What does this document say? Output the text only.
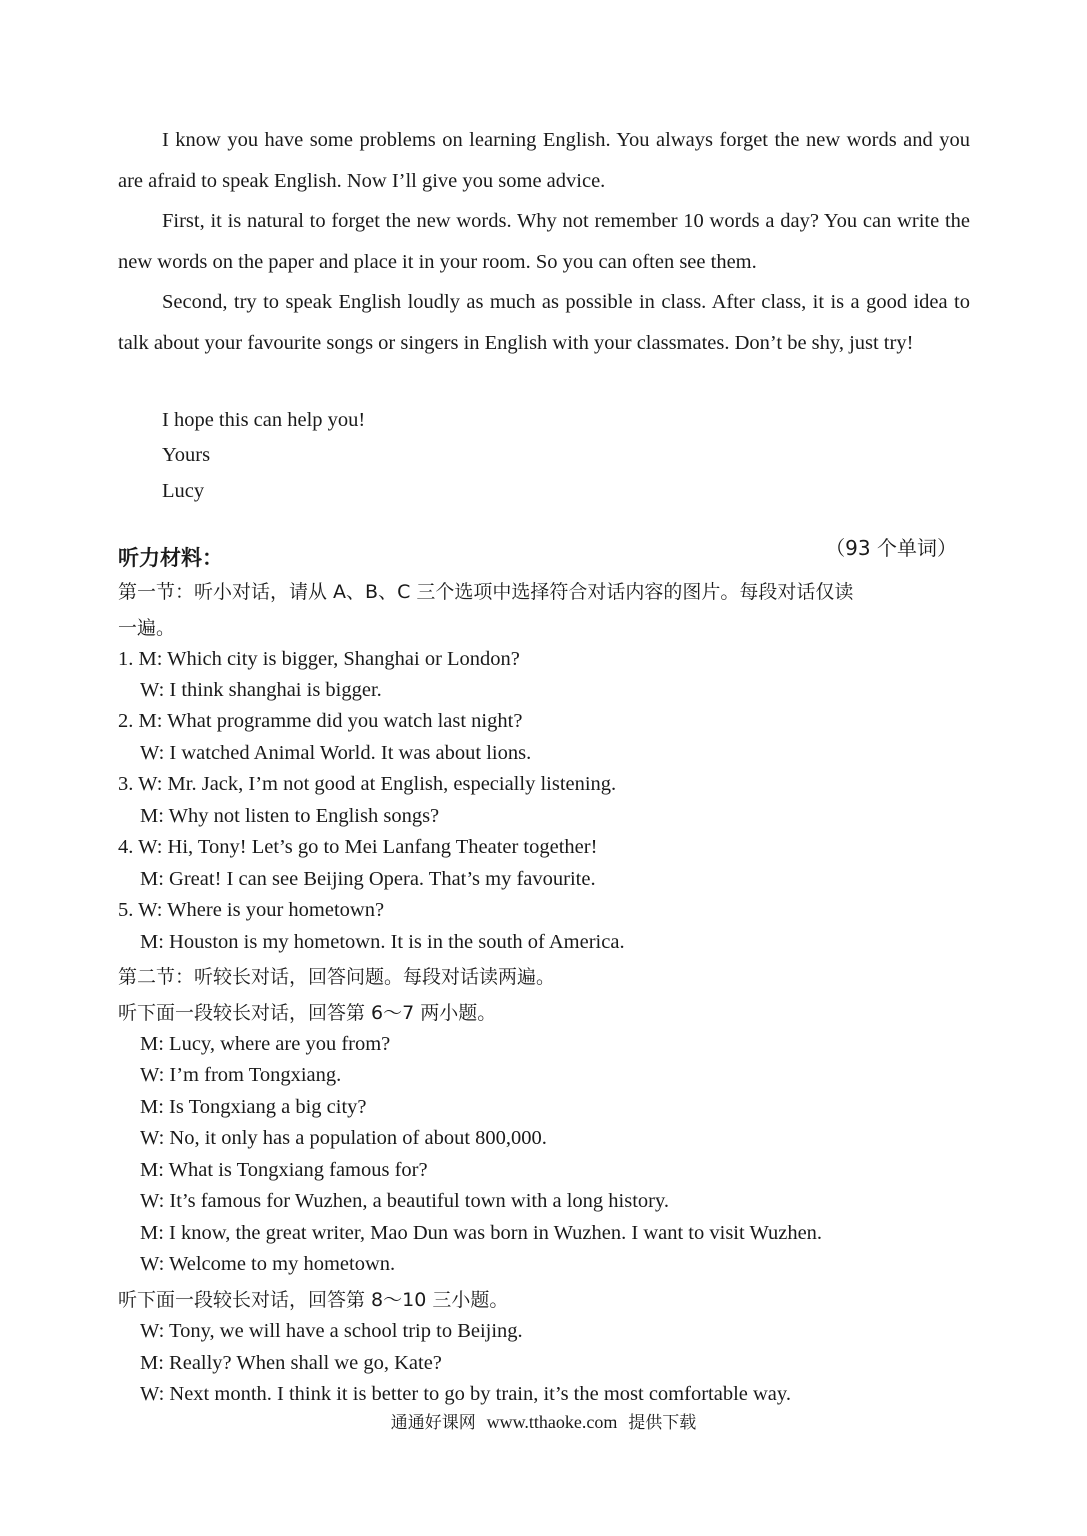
I know you have some problems on learning English. You always forget the new words and you are afraid to speak English. Now I’ll give you some advice.

First, it is natural to forget the new words. Why not remember 10 words a day? You can write the new words on the paper and place it in your room. So you can often see them.

Second, try to speak English loudly as much as possible in class. After class, it is a good idea to talk about your favourite songs or singers in English with your classmates. Don’t be shy, just try!

I hope this can help you!

Yours

Lucy

（93 个单词）

听力材料：

第一节：听小对话，请从 A、B、C 三个选项中选择符合对话内容的图片。每段对话仅读

一遍。

1. M: Which city is bigger, Shanghai or London?

W: I think shanghai is bigger.

2. M: What programme did you watch last night?

W: I watched Animal World. It was about lions.

3. W: Mr. Jack, I’m not good at English, especially listening.

M: Why not listen to English songs?

4. W: Hi, Tony! Let’s go to Mei Lanfang Theater together!

M: Great! I can see Beijing Opera. That’s my favourite.

5. W: Where is your hometown?

M: Houston is my hometown. It is in the south of America.

第二节：听较长对话，回答问题。每段对话读两遍。

听下面一段较长对话，回答第 6～7 两小题。

M: Lucy, where are you from?

W: I’m from Tongxiang.

M: Is Tongxiang a big city?

W: No, it only has a population of about 800,000.

M: What is Tongxiang famous for?

W: It’s famous for Wuzhen, a beautiful town with a long history.

M: I know, the great writer, Mao Dun was born in Wuzhen. I want to visit Wuzhen.

W: Welcome to my hometown.

听下面一段较长对话，回答第 8～10 三小题。

W: Tony, we will have a school trip to Beijing.

M: Really? When shall we go, Kate?

W: Next month. I think it is better to go by train, it’s the most comfortable way.

通通好课网 www.tthaoke.com 提供下载
